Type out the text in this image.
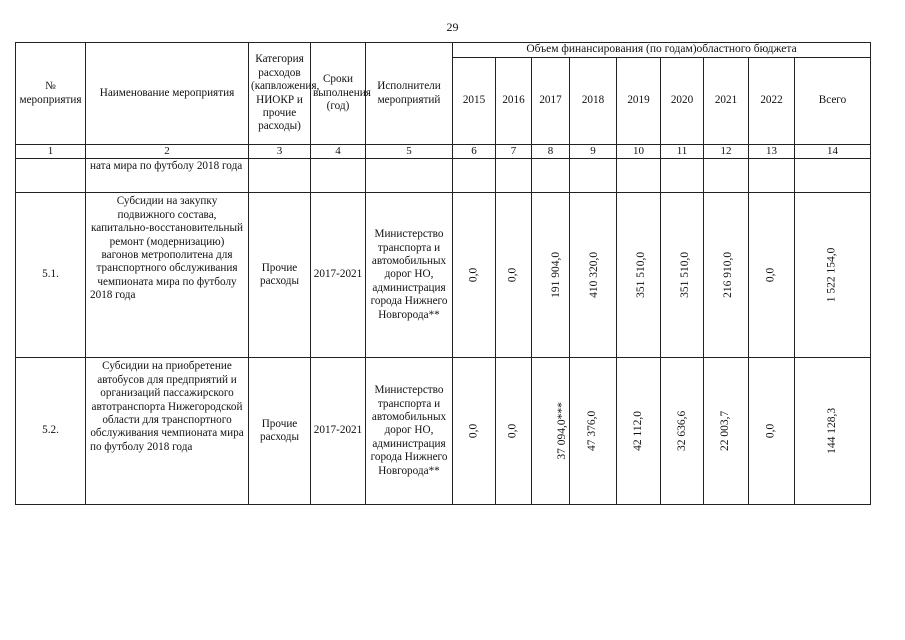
29
№ мероприятия	Наименование мероприятия	Категория расходов (капвложения, НИОКР и прочие расходы)	Сроки выполнения (год)	Исполнители мероприятий	Объем финансирования (по годам)областного бюджета								
					2015	2016	2017	2018	2019	2020	2021	2022	Всего
1	2	3	4	5	6	7	8	9	10	11	12	13	14
	ната мира по футболу 2018 года												
5.1.	Субсидии на закупку подвижного состава, капитально-восстановительный ремонт (модернизацию) вагонов метрополитена для транспортного обслуживания чемпионата мира по футболу 2018 года	Прочие расходы	2017-2021	Министерство транспорта и автомобильных дорог НО, администрация города Нижнего Новгорода**	0,0	0,0	191 904,0	410 320,0	351 510,0	351 510,0	216 910,0	0,0	1 522 154,0
5.2.	Субсидии на приобретение автобусов для предприятий и организаций пассажирского автотранспорта Нижегородской области для транспортного обслуживания чемпионата мира по футболу 2018 года	Прочие расходы	2017-2021	Министерство транспорта и автомобильных дорог НО, администрация города Нижнего Новгорода**	0,0	0,0	37 094,0***	47 376,0	42 112,0	32 636,6	22 003,7	0,0	144 128,3
